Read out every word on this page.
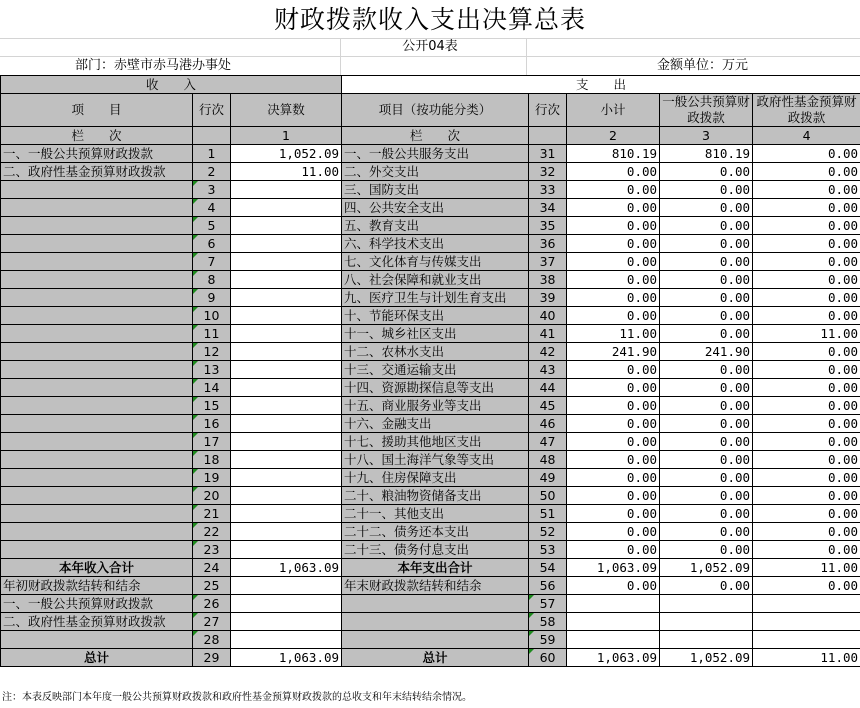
财政拨款收入支出决算总表
公开04表
部门：赤壁市赤马港办事处	金额单位：万元
收　　入			支　　出				
项　　目	行次	决算数	项目（按功能分类）	行次	小计	一般公共预算财政拨款	政府性基金预算财政拨款
栏　　次		1	栏　　次		2	3	4
一、一般公共预算财政拨款	1	1,052.09	一、一般公共服务支出	31	810.19	810.19	0.00
二、政府性基金预算财政拨款	2	11.00	二、外交支出	32	0.00	0.00	0.00
	3		三、国防支出	33	0.00	0.00	0.00
	4		四、公共安全支出	34	0.00	0.00	0.00
	5		五、教育支出	35	0.00	0.00	0.00
	6		六、科学技术支出	36	0.00	0.00	0.00
	7		七、文化体育与传媒支出	37	0.00	0.00	0.00
	8		八、社会保障和就业支出	38	0.00	0.00	0.00
	9		九、医疗卫生与计划生育支出	39	0.00	0.00	0.00
	10		十、节能环保支出	40	0.00	0.00	0.00
	11		十一、城乡社区支出	41	11.00	0.00	11.00
	12		十二、农林水支出	42	241.90	241.90	0.00
	13		十三、交通运输支出	43	0.00	0.00	0.00
	14		十四、资源勘探信息等支出	44	0.00	0.00	0.00
	15		十五、商业服务业等支出	45	0.00	0.00	0.00
	16		十六、金融支出	46	0.00	0.00	0.00
	17		十七、援助其他地区支出	47	0.00	0.00	0.00
	18		十八、国土海洋气象等支出	48	0.00	0.00	0.00
	19		十九、住房保障支出	49	0.00	0.00	0.00
	20		二十、粮油物资储备支出	50	0.00	0.00	0.00
	21		二十一、其他支出	51	0.00	0.00	0.00
	22		二十二、债务还本支出	52	0.00	0.00	0.00
	23		二十三、债务付息支出	53	0.00	0.00	0.00
本年收入合计	24	1,063.09	本年支出合计	54	1,063.09	1,052.09	11.00
年初财政拨款结转和结余	25		年末财政拨款结转和结余	56	0.00	0.00	0.00
一、一般公共预算财政拨款	26			57			
二、政府性基金预算财政拨款	27			58			
	28			59			
总计	29	1,063.09	总计	60	1,063.09	1,052.09	11.00
注：本表反映部门本年度一般公共预算财政拨款和政府性基金预算财政拨款的总收支和年末结转结余情况。
